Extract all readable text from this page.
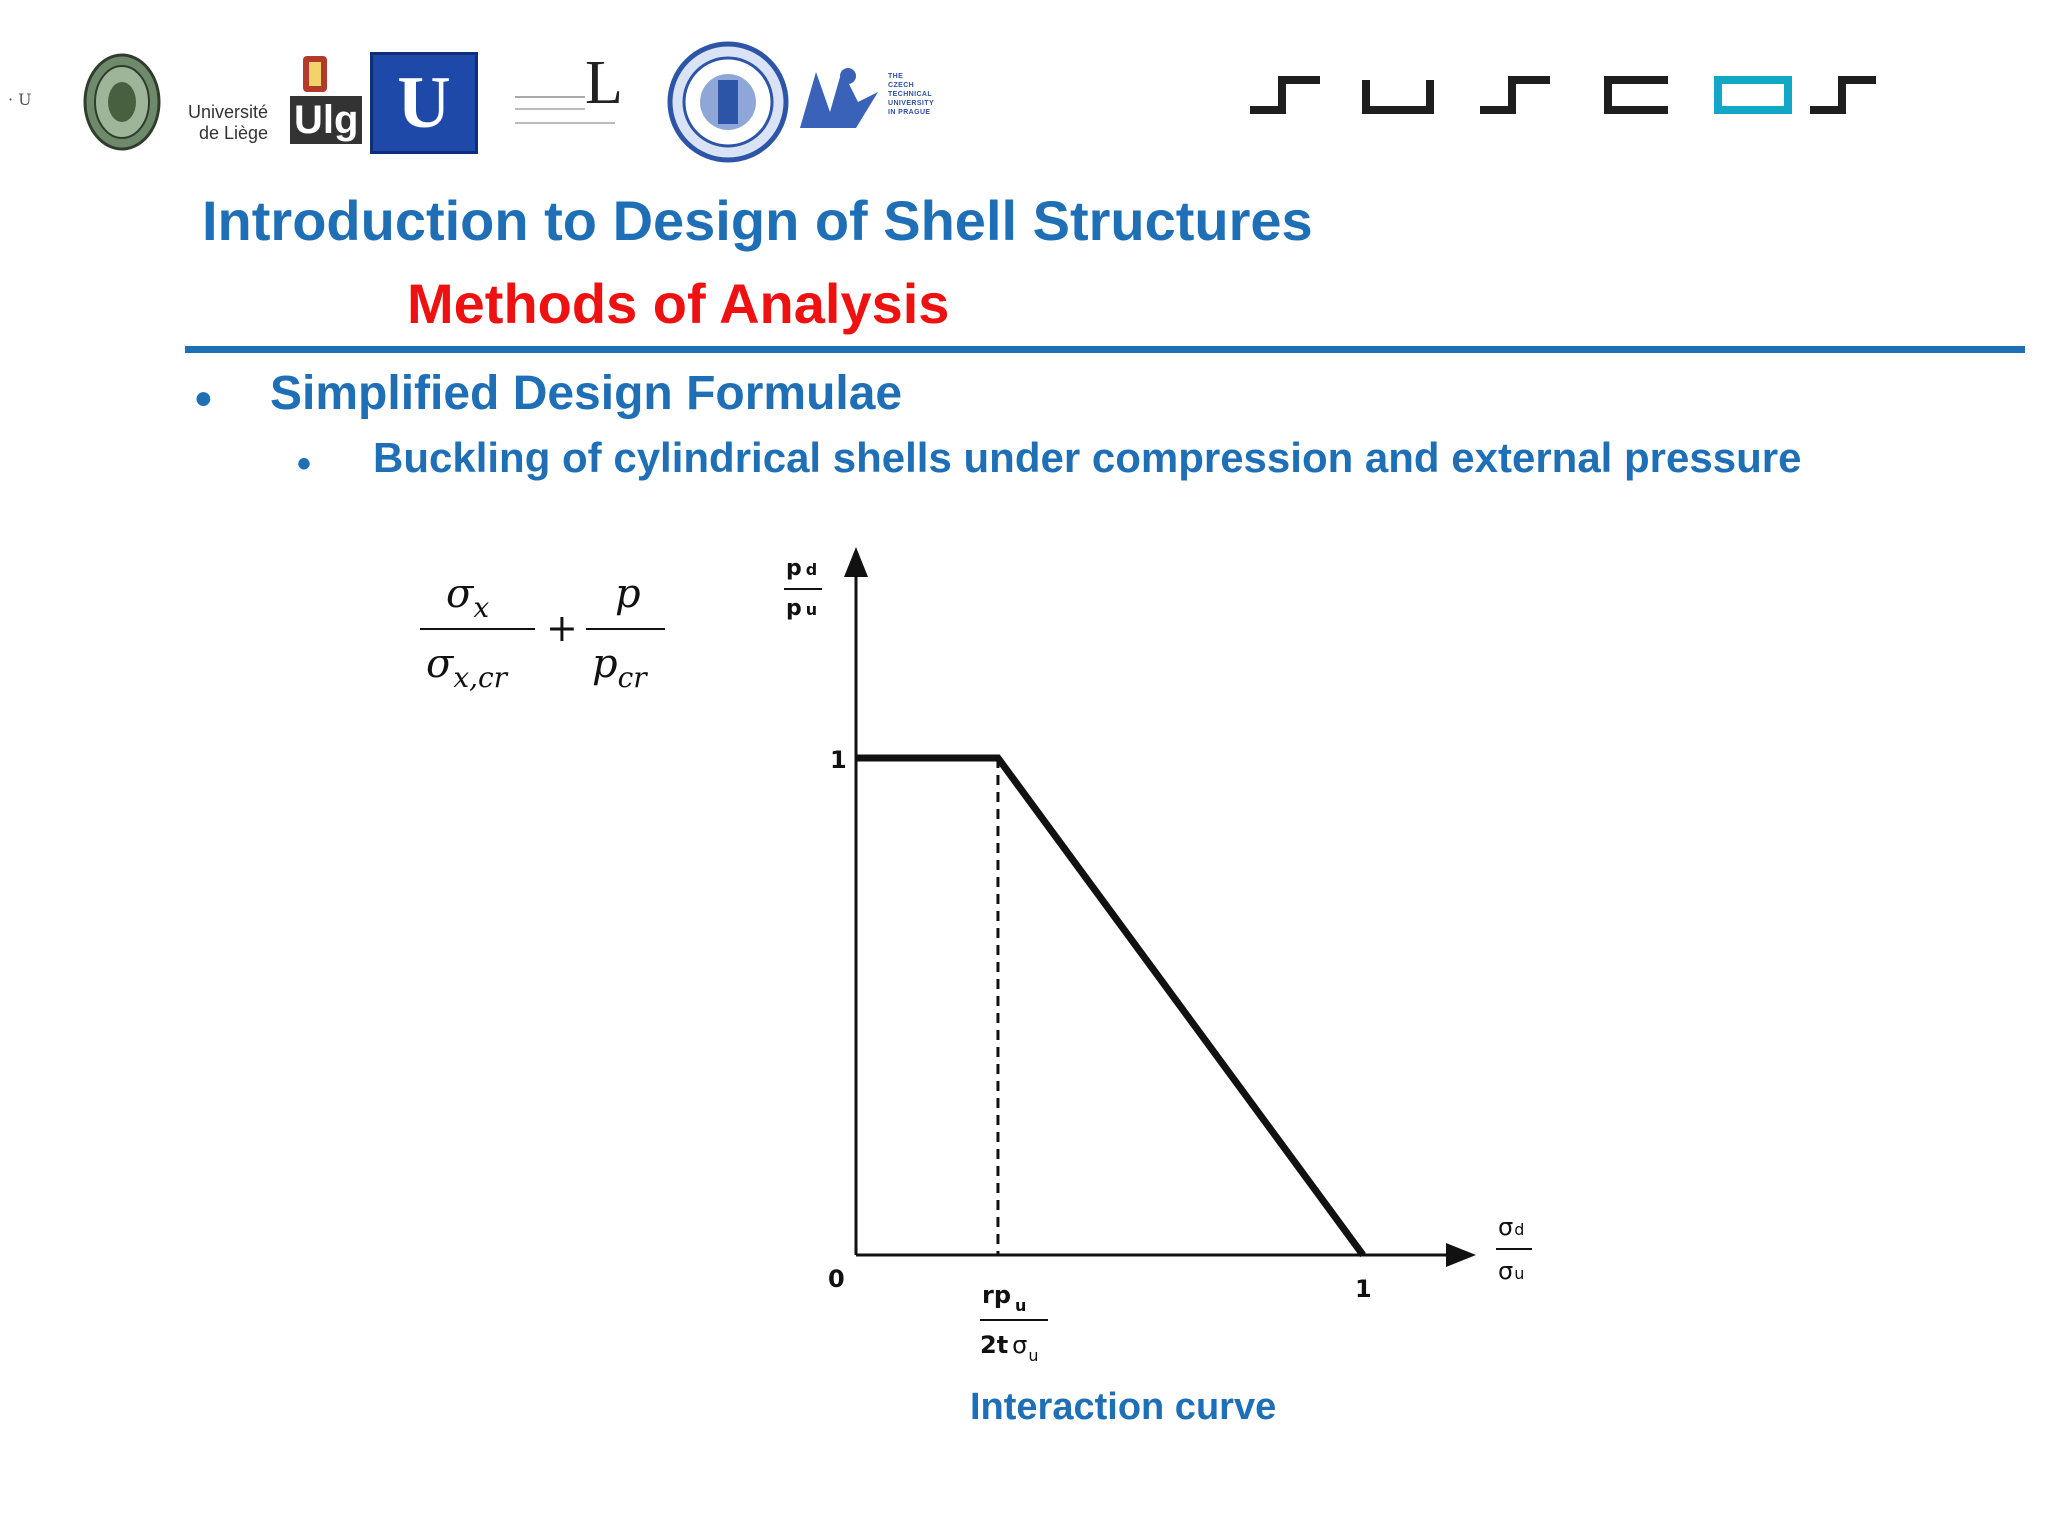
· U
Université
de Liège Ulg U L	THE
CZECH
TECHNICAL
UNIVERSITY
IN PRAGUE
Introduction to Design of Shell Structures
Methods of Analysis
• Simplified Design Formulae
• Buckling of cylindrical shells under compression and external pressure
$\sigma_x$
$\sigma_{x,cr}$
+
p
$p_{cr}$
p d
p u
σd
σu
0
1
1
rp $_u$
2t $\sigma_u$
Interaction curve
